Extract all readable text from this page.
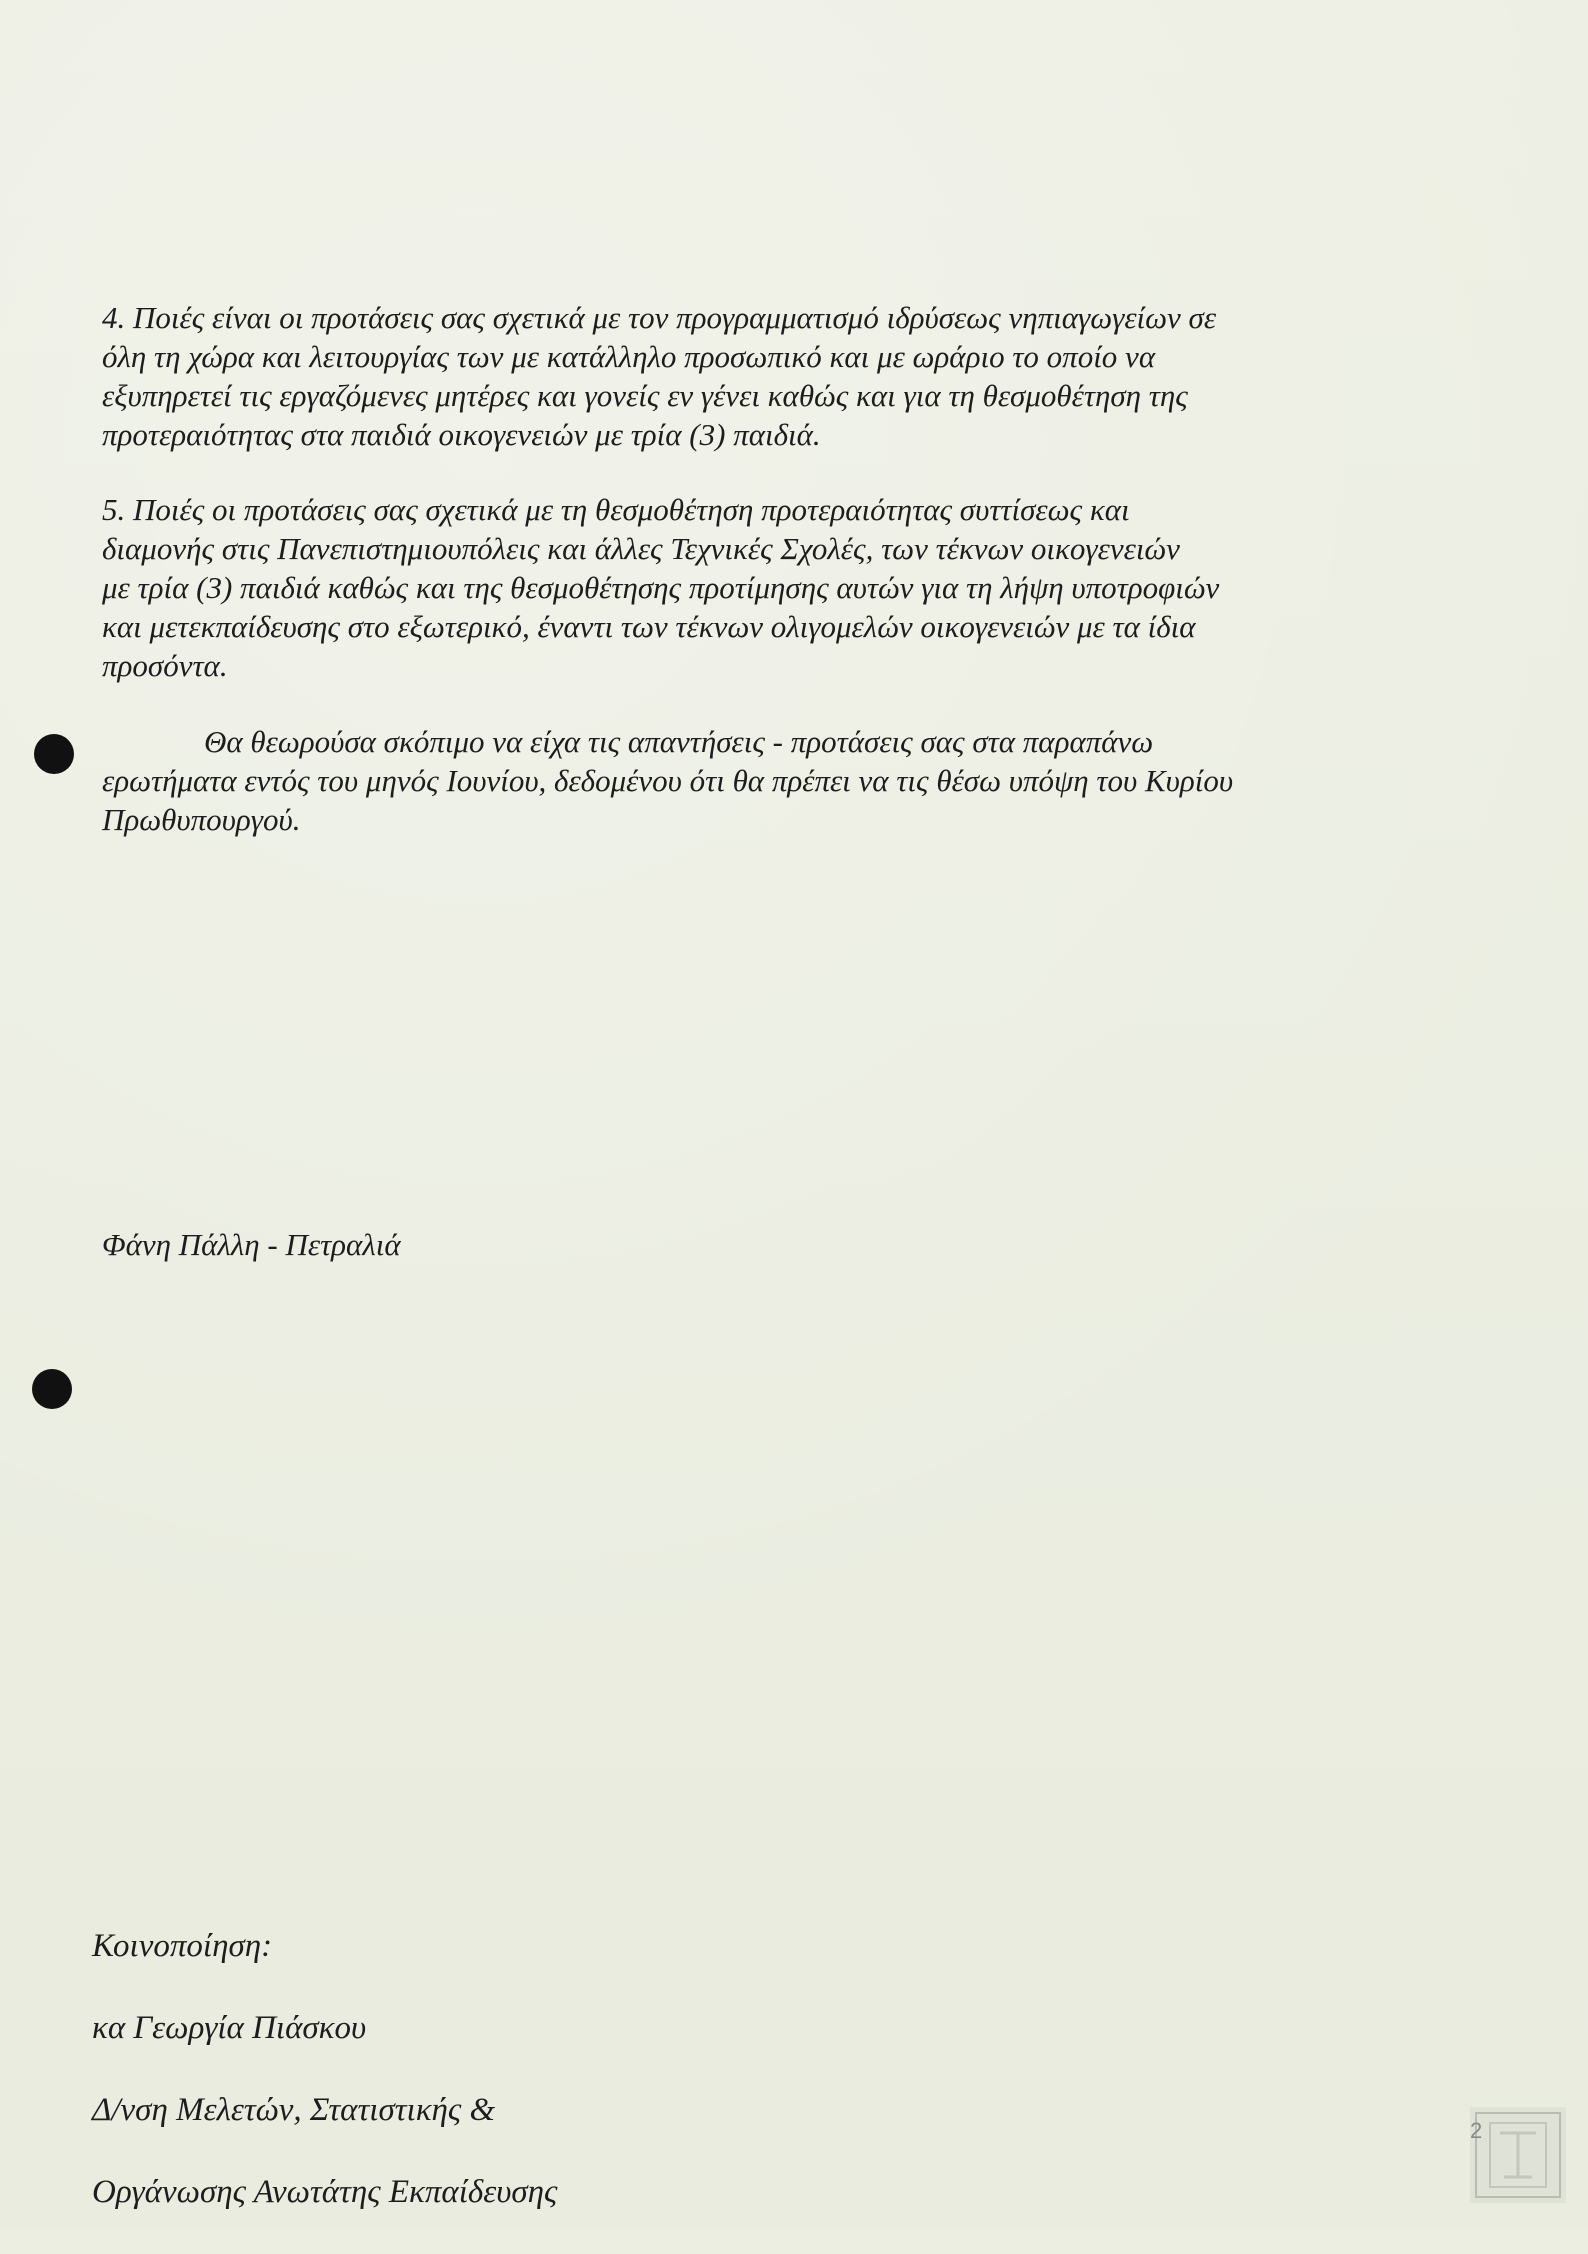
4. Ποιές είναι οι προτάσεις σας σχετικά με τον προγραμματισμό ιδρύσεως νηπιαγωγείων σε
όλη τη χώρα και λειτουργίας των με κατάλληλο προσωπικό και με ωράριο το οποίο να
εξυπηρετεί τις εργαζόμενες μητέρες και γονείς εν γένει καθώς και για τη θεσμοθέτηση της
προτεραιότητας στα παιδιά οικογενειών με τρία (3) παιδιά.

5. Ποιές οι προτάσεις σας σχετικά με τη θεσμοθέτηση προτεραιότητας συττίσεως και
διαμονής στις Πανεπιστημιουπόλεις και άλλες Τεχνικές Σχολές, των τέκνων οικογενειών
με τρία (3) παιδιά καθώς και της θεσμοθέτησης προτίμησης αυτών για τη λήψη υποτροφιών
και μετεκπαίδευσης στο εξωτερικό, έναντι των τέκνων ολιγομελών οικογενειών με τα ίδια
προσόντα.

Θα θεωρούσα σκόπιμο να είχα τις απαντήσεις - προτάσεις σας στα παραπάνω
ερωτήματα εντός του μηνός Ιουνίου, δεδομένου ότι θα πρέπει να τις θέσω υπόψη του Κυρίου
Πρωθυπουργού.

Φάνη Πάλλη - Πετραλιά

Κοινοποίηση:

κα Γεωργία Πιάσκου

Δ/νση Μελετών, Στατιστικής &

Οργάνωσης Ανωτάτης Εκπαίδευσης

2
